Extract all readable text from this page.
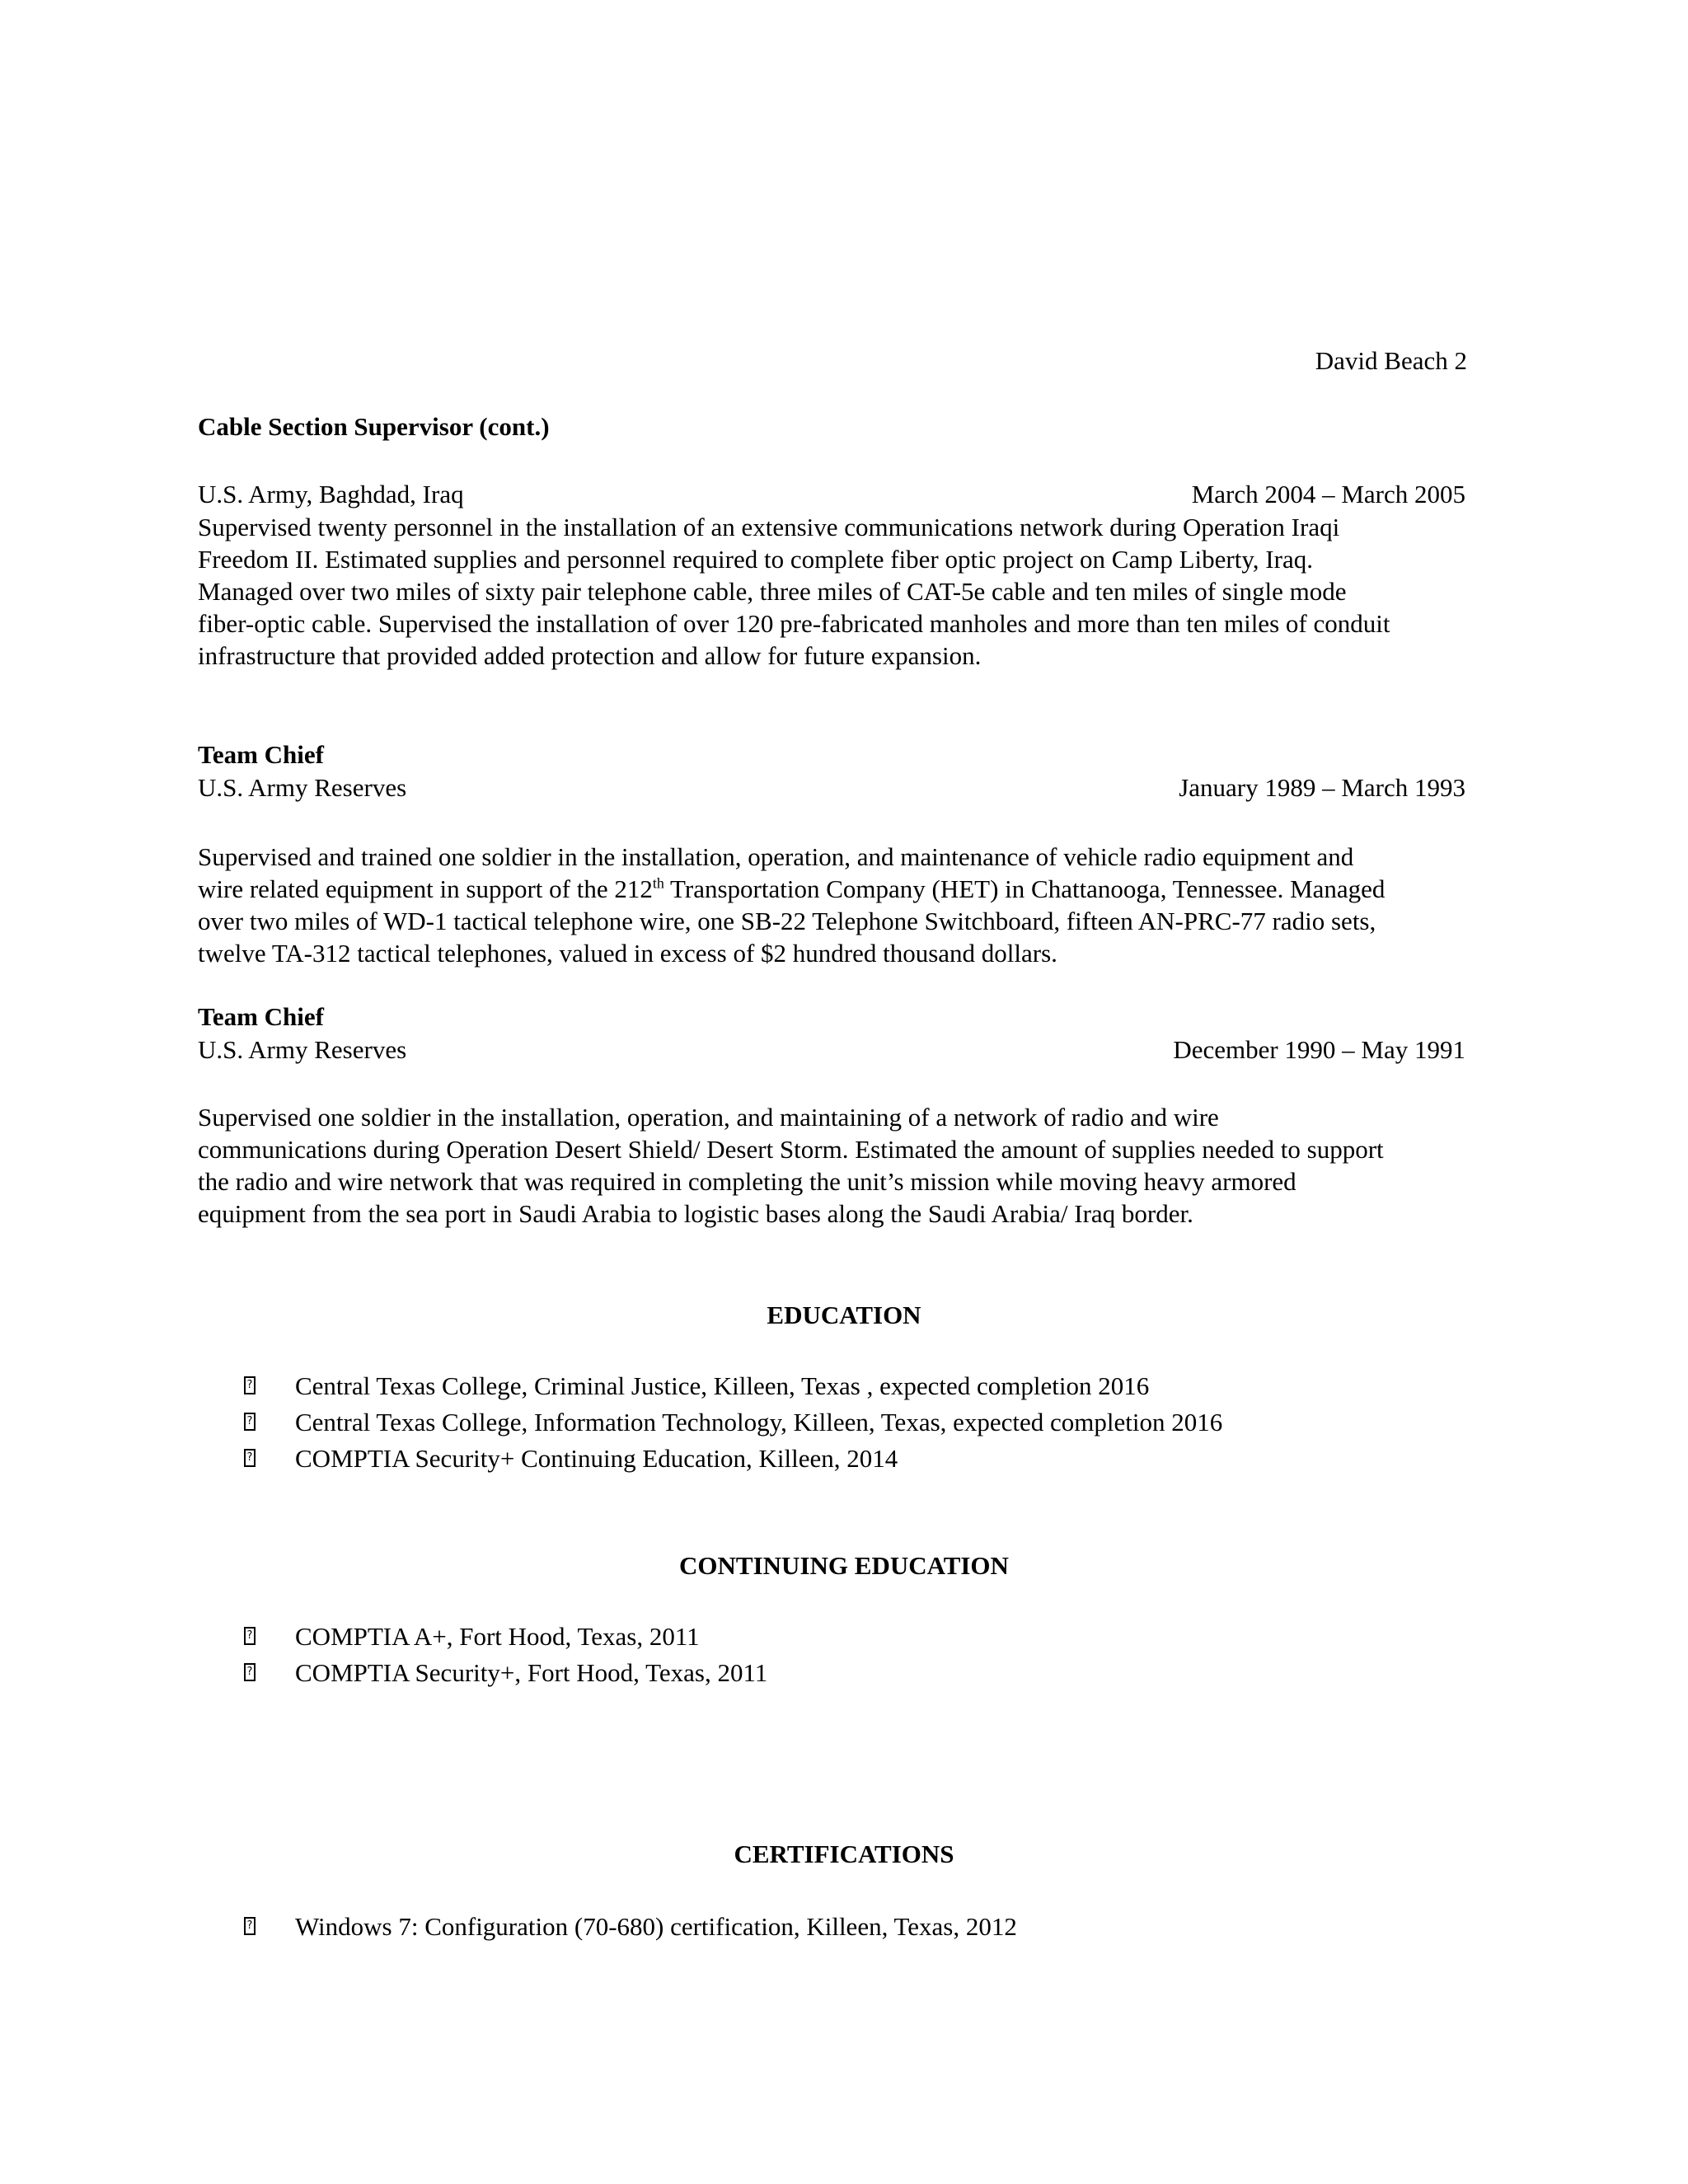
David Beach 2
Cable Section Supervisor (cont.)
U.S. Army, Baghdad, Iraq	March 2004 – March 2005

Supervised twenty personnel in the installation of an extensive communications network during Operation Iraqi
Freedom II. Estimated supplies and personnel required to complete fiber optic project on Camp Liberty, Iraq.
Managed over two miles of sixty pair telephone cable, three miles of CAT-5e cable and ten miles of single mode
fiber-optic cable. Supervised the installation of over 120 pre-fabricated manholes and more than ten miles of conduit
infrastructure that provided added protection and allow for future expansion.

Team Chief
U.S. Army Reserves	January 1989 – March 1993

Supervised and trained one soldier in the installation, operation, and maintenance of vehicle radio equipment and
wire related equipment in support of the 212th Transportation Company (HET) in Chattanooga, Tennessee. Managed
over two miles of WD-1 tactical telephone wire, one SB-22 Telephone Switchboard, fifteen AN-PRC-77 radio sets,
twelve TA-312 tactical telephones, valued in excess of $2 hundred thousand dollars.

Team Chief
U.S. Army Reserves	December 1990 – May 1991

Supervised one soldier in the installation, operation, and maintaining of a network of radio and wire
communications during Operation Desert Shield/ Desert Storm. Estimated the amount of supplies needed to support
the radio and wire network that was required in completing the unit’s mission while moving heavy armored
equipment from the sea port in Saudi Arabia to logistic bases along the Saudi Arabia/ Iraq border.

EDUCATION
? Central Texas College, Criminal Justice, Killeen, Texas , expected completion 2016
? Central Texas College, Information Technology, Killeen, Texas, expected completion 2016
? COMPTIA Security+ Continuing Education, Killeen, 2014
CONTINUING EDUCATION
? COMPTIA A+, Fort Hood, Texas, 2011
? COMPTIA Security+, Fort Hood, Texas, 2011
CERTIFICATIONS
? Windows 7: Configuration (70-680) certification, Killeen, Texas, 2012
